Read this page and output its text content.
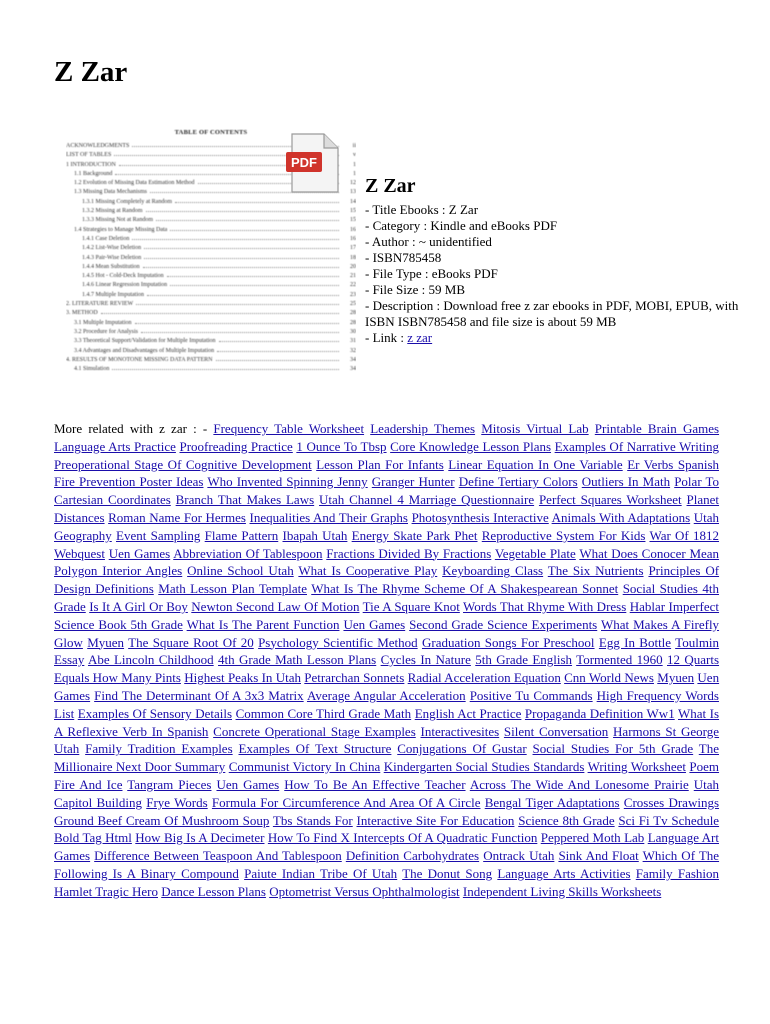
Z Zar
TABLE OF CONTENTS
ACKNOWLEDGMENTS	ii
LIST OF TABLES	v
1 INTRODUCTION	1
1.1 Background	1
1.2 Evolution of Missing Data Estimation Method	12
1.3 Missing Data Mechanisms	13
1.3.1 Missing Completely at Random	14
1.3.2 Missing at Random	15
1.3.3 Missing Not at Random	15
1.4 Strategies to Manage Missing Data	16
1.4.1 Case Deletion	16
1.4.2 List-Wise Deletion	17
1.4.3 Pair-Wise Deletion	18
1.4.4 Mean Substitution	20
1.4.5 Hot - Cold-Deck Imputation	21
1.4.6 Linear Regression Imputation	22
1.4.7 Multiple Imputation	23
2. LITERATURE REVIEW	25
3. METHOD	28
3.1 Multiple Imputation	28
3.2 Procedure for Analysis	30
3.3 Theoretical Support/Validation for Multiple Imputation	31
3.4 Advantages and Disadvantages of Multiple Imputation	32
4. RESULTS OF MONOTONE MISSING DATA PATTERN	34
4.1 Simulation	34
PDF
Z Zar

- Title Ebooks : Z Zar

- Category : Kindle and eBooks PDF

- Author : ~ unidentified

- ISBN785458

- File Type : eBooks PDF

- File Size : 59 MB

- Description : Download free z zar ebooks in PDF, MOBI, EPUB, with ISBN ISBN785458 and file size is about 59 MB

- Link : z zar

More related with z zar : - Frequency Table Worksheet Leadership Themes Mitosis Virtual Lab Printable Brain Games Language Arts Practice Proofreading Practice 1 Ounce To Tbsp Core Knowledge Lesson Plans Examples Of Narrative Writing Preoperational Stage Of Cognitive Development Lesson Plan For Infants Linear Equation In One Variable Er Verbs Spanish Fire Prevention Poster Ideas Who Invented Spinning Jenny Granger Hunter Define Tertiary Colors Outliers In Math Polar To Cartesian Coordinates Branch That Makes Laws Utah Channel 4 Marriage Questionnaire Perfect Squares Worksheet Planet Distances Roman Name For Hermes Inequalities And Their Graphs Photosynthesis Interactive Animals With Adaptations Utah Geography Event Sampling Flame Pattern Ibapah Utah Energy Skate Park Phet Reproductive System For Kids War Of 1812 Webquest Uen Games Abbreviation Of Tablespoon Fractions Divided By Fractions Vegetable Plate What Does Conocer Mean Polygon Interior Angles Online School Utah What Is Cooperative Play Keyboarding Class The Six Nutrients Principles Of Design Definitions Math Lesson Plan Template What Is The Rhyme Scheme Of A Shakespearean Sonnet Social Studies 4th Grade Is It A Girl Or Boy Newton Second Law Of Motion Tie A Square Knot Words That Rhyme With Dress Hablar Imperfect Science Book 5th Grade What Is The Parent Function Uen Games Second Grade Science Experiments What Makes A Firefly Glow Myuen The Square Root Of 20 Psychology Scientific Method Graduation Songs For Preschool Egg In Bottle Toulmin Essay Abe Lincoln Childhood 4th Grade Math Lesson Plans Cycles In Nature 5th Grade English Tormented 1960 12 Quarts Equals How Many Pints Highest Peaks In Utah Petrarchan Sonnets Radial Acceleration Equation Cnn World News Myuen Uen Games Find The Determinant Of A 3x3 Matrix Average Angular Acceleration Positive Tu Commands High Frequency Words List Examples Of Sensory Details Common Core Third Grade Math English Act Practice Propaganda Definition Ww1 What Is A Reflexive Verb In Spanish Concrete Operational Stage Examples Interactivesites Silent Conversation Harmons St George Utah Family Tradition Examples Examples Of Text Structure Conjugations Of Gustar Social Studies For 5th Grade The Millionaire Next Door Summary Communist Victory In China Kindergarten Social Studies Standards Writing Worksheet Poem Fire And Ice Tangram Pieces Uen Games How To Be An Effective Teacher Across The Wide And Lonesome Prairie Utah Capitol Building Frye Words Formula For Circumference And Area Of A Circle Bengal Tiger Adaptations Crosses Drawings Ground Beef Cream Of Mushroom Soup Tbs Stands For Interactive Site For Education Science 8th Grade Sci Fi Tv Schedule Bold Tag Html How Big Is A Decimeter How To Find X Intercepts Of A Quadratic Function Peppered Moth Lab Language Art Games Difference Between Teaspoon And Tablespoon Definition Carbohydrates Ontrack Utah Sink And Float Which Of The Following Is A Binary Compound Paiute Indian Tribe Of Utah The Donut Song Language Arts Activities Family Fashion Hamlet Tragic Hero Dance Lesson Plans Optometrist Versus Ophthalmologist Independent Living Skills Worksheets
